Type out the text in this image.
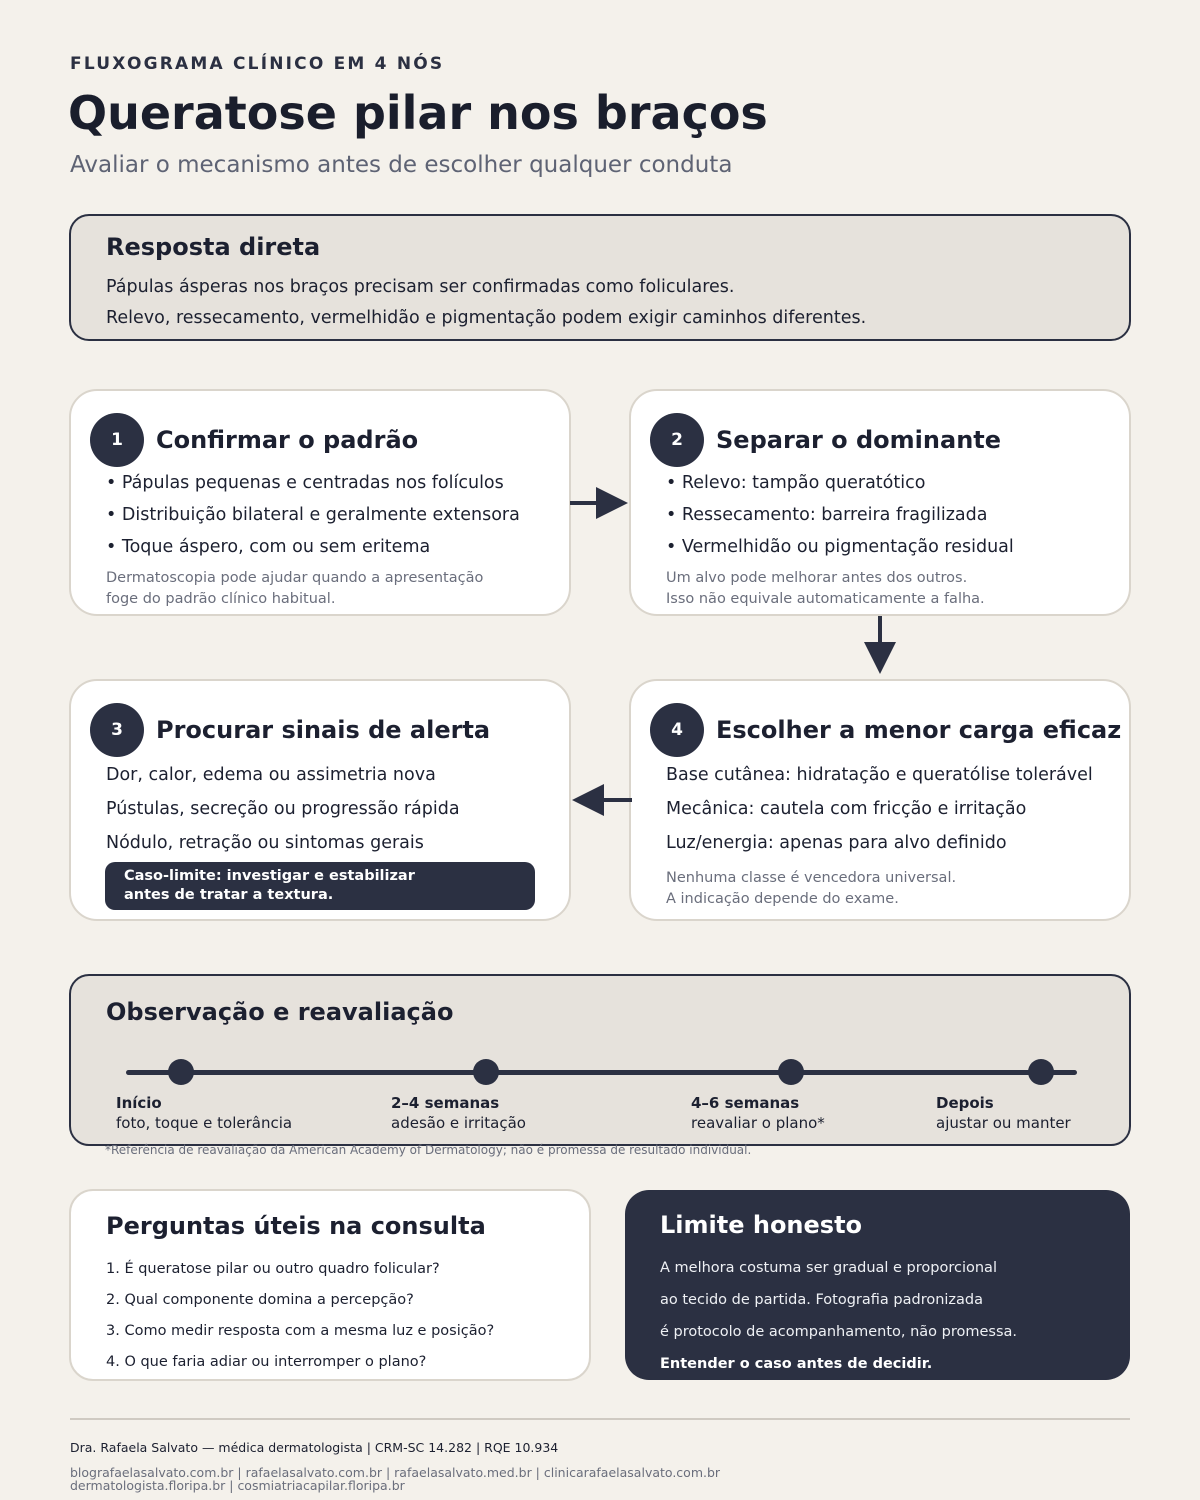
FLUXOGRAMA CLÍNICO EM 4 NÓS
Queratose pilar nos braços
Avaliar o mecanismo antes de escolher qualquer conduta
Resposta direta

Pápulas ásperas nos braços precisam ser confirmadas como foliculares.

Relevo, ressecamento, vermelhidão e pigmentação podem exigir caminhos diferentes.

1	Confirmar o padrão
• Pápulas pequenas e centradas nos folículos
• Distribuição bilateral e geralmente extensora
• Toque áspero, com ou sem eritema
Dermatoscopia pode ajudar quando a apresentação
foge do padrão clínico habitual.
2	Separar o dominante
• Relevo: tampão queratótico
• Ressecamento: barreira fragilizada
• Vermelhidão ou pigmentação residual
Um alvo pode melhorar antes dos outros.
Isso não equivale automaticamente a falha.
3	Procurar sinais de alerta
Dor, calor, edema ou assimetria nova
Pústulas, secreção ou progressão rápida
Nódulo, retração ou sintomas gerais
Caso-limite: investigar e estabilizar
antes de tratar a textura.
4	Escolher a menor carga eficaz
Base cutânea: hidratação e queratólise tolerável
Mecânica: cautela com fricção e irritação
Luz/energia: apenas para alvo definido
Nenhuma classe é vencedora universal.
A indicação depende do exame.
Observação e reavaliação
Início
foto, toque e tolerância
2–4 semanas
adesão e irritação
4–6 semanas
reavaliar o plano*
Depois
ajustar ou manter
*Referência de reavaliação da American Academy of Dermatology; não é promessa de resultado individual.
Perguntas úteis na consulta
1. É queratose pilar ou outro quadro folicular?
2. Qual componente domina a percepção?
3. Como medir resposta com a mesma luz e posição?
4. O que faria adiar ou interromper o plano?
Limite honesto
A melhora costuma ser gradual e proporcional
ao tecido de partida. Fotografia padronizada
é protocolo de acompanhamento, não promessa.
Entender o caso antes de decidir.
Dra. Rafaela Salvato — médica dermatologista | CRM-SC 14.282 | RQE 10.934
blografaelasalvato.com.br | rafaelasalvato.com.br | rafaelasalvato.med.br | clinicarafaelasalvato.com.br
dermatologista.floripa.br | cosmiatriacapilar.floripa.br
